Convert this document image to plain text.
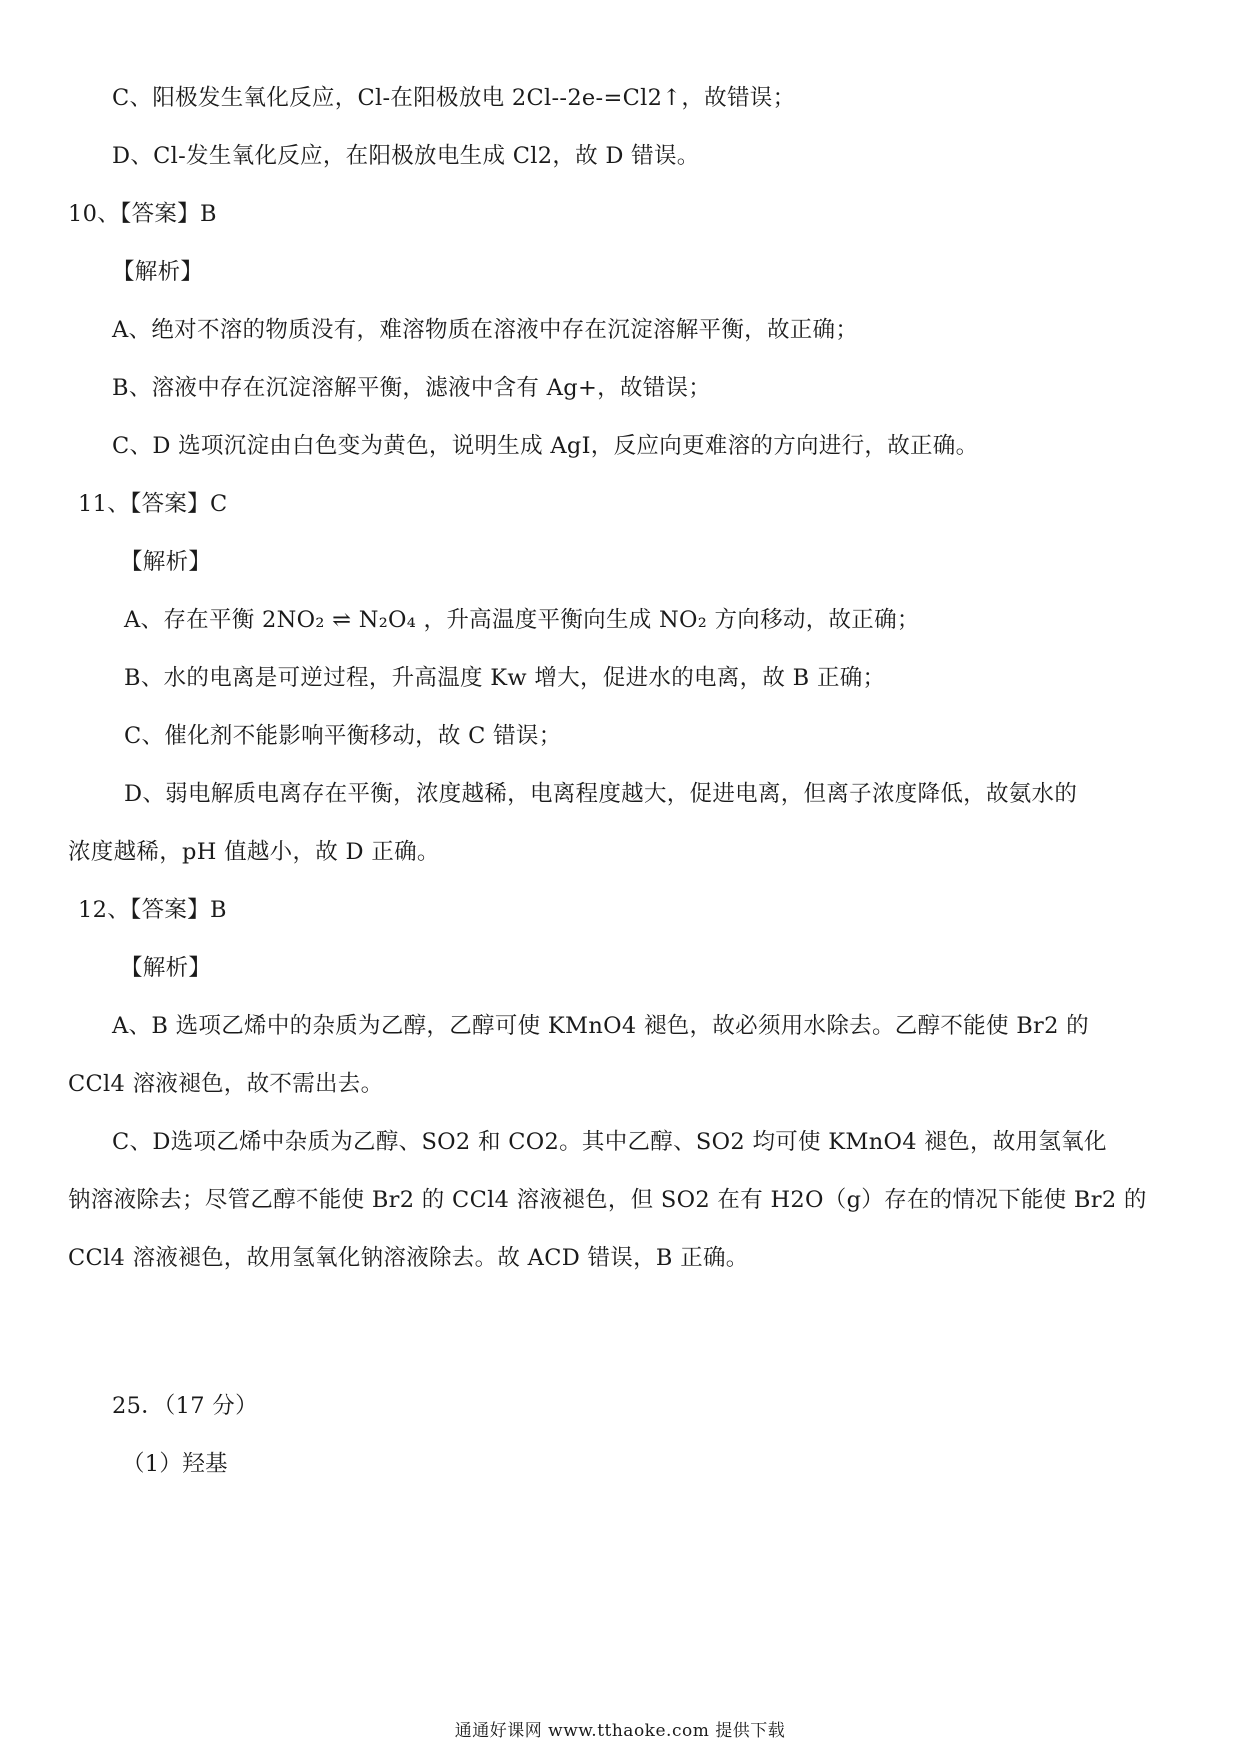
C、阳极发生氧化反应，Cl-在阳极放电 2Cl--2e-=Cl2↑，故错误；
D、Cl-发生氧化反应，在阳极放电生成 Cl2，故 D 错误。
10、【答案】B
【解析】
A、绝对不溶的物质没有，难溶物质在溶液中存在沉淀溶解平衡，故正确；
B、溶液中存在沉淀溶解平衡，滤液中含有 Ag+，故错误；
C、D 选项沉淀由白色变为黄色，说明生成 AgI，反应向更难溶的方向进行，故正确。
11、【答案】C
【解析】
A、存在平衡 2NO₂ ⇌ N₂O₄ ，升高温度平衡向生成 NO₂ 方向移动，故正确；
B、水的电离是可逆过程，升高温度 Kw 增大，促进水的电离，故 B 正确；
C、催化剂不能影响平衡移动，故 C 错误；
D、弱电解质电离存在平衡，浓度越稀，电离程度越大，促进电离，但离子浓度降低，故氨水的
浓度越稀，pH 值越小，故 D 正确。
12、【答案】B
【解析】
A、B 选项乙烯中的杂质为乙醇，乙醇可使 KMnO4 褪色，故必须用水除去。乙醇不能使 Br2 的
CCl4 溶液褪色，故不需出去。
C、D选项乙烯中杂质为乙醇、SO2 和 CO2。其中乙醇、SO2 均可使 KMnO4 褪色，故用氢氧化
钠溶液除去；尽管乙醇不能使 Br2 的 CCl4 溶液褪色，但 SO2 在有 H2O（g）存在的情况下能使 Br2 的
CCl4 溶液褪色，故用氢氧化钠溶液除去。故 ACD 错误，B 正确。
25．（17 分）
（1）羟基
通通好课网 www.tthaoke.com 提供下载
